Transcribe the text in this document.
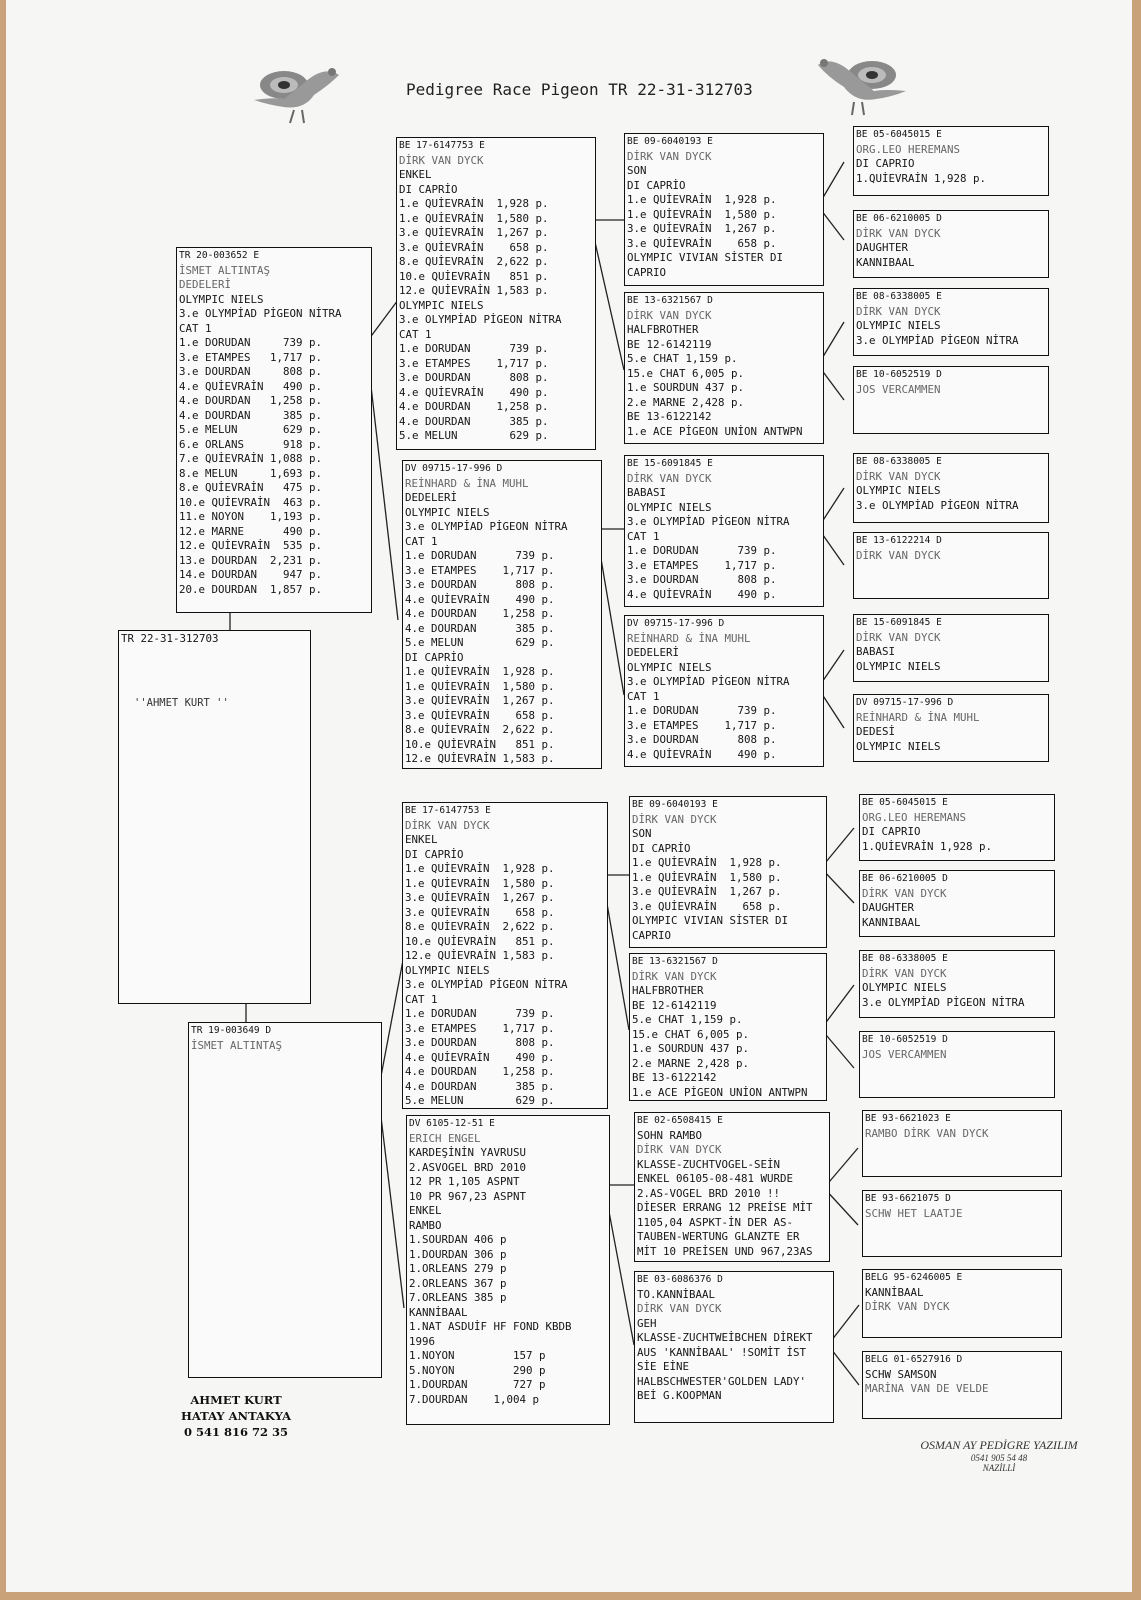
Pedigree Race Pigeon TR 22-31-312703
TR 22-31-312703
''AHMET KURT ''
TR 20-003652 E
İSMET ALTINTAŞ
DEDELERİ
OLYMPIC NIELS
3.e OLYMPİAD PİGEON NİTRA
CAT 1
1.e DORUDAN     739 p.
3.e ETAMPES   1,717 p.
3.e DOURDAN     808 p.
4.e QUİEVRAİN   490 p.
4.e DOURDAN   1,258 p.
4.e DOURDAN     385 p.
5.e MELUN       629 p.
6.e ORLANS      918 p.
7.e QUİEVRAİN 1,088 p.
8.e MELUN     1,693 p.
8.e QUİEVRAİN   475 p.
10.e QUİEVRAİN  463 p.
11.e NOYON    1,193 p.
12.e MARNE      490 p.
12.e QUİEVRAİN  535 p.
13.e DOURDAN  2,231 p.
14.e DOURDAN    947 p.
20.e DOURDAN  1,857 p.
TR 19-003649 D
İSMET ALTINTAŞ
BE 17-6147753 E
DİRK VAN DYCK
ENKEL
DI CAPRİO
1.e QUİEVRAİN  1,928 p.
1.e QUİEVRAİN  1,580 p.
3.e QUİEVRAİN  1,267 p.
3.e QUİEVRAİN    658 p.
8.e QUİEVRAİN  2,622 p.
10.e QUİEVRAİN   851 p.
12.e QUİEVRAİN 1,583 p.
OLYMPIC NIELS
3.e OLYMPİAD PİGEON NİTRA
CAT 1
1.e DORUDAN      739 p.
3.e ETAMPES    1,717 p.
3.e DOURDAN      808 p.
4.e QUİEVRAİN    490 p.
4.e DOURDAN    1,258 p.
4.e DOURDAN      385 p.
5.e MELUN        629 p.
DV 09715-17-996 D
REİNHARD & İNA MUHL
DEDELERİ
OLYMPIC NIELS
3.e OLYMPİAD PİGEON NİTRA
CAT 1
1.e DORUDAN      739 p.
3.e ETAMPES    1,717 p.
3.e DOURDAN      808 p.
4.e QUİEVRAİN    490 p.
4.e DOURDAN    1,258 p.
4.e DOURDAN      385 p.
5.e MELUN        629 p.
DI CAPRİO
1.e QUİEVRAİN  1,928 p.
1.e QUİEVRAİN  1,580 p.
3.e QUİEVRAİN  1,267 p.
3.e QUİEVRAİN    658 p.
8.e QUİEVRAİN  2,622 p.
10.e QUİEVRAİN   851 p.
12.e QUİEVRAİN 1,583 p.
BE 17-6147753 E
DİRK VAN DYCK
ENKEL
DI CAPRİO
1.e QUİEVRAİN  1,928 p.
1.e QUİEVRAİN  1,580 p.
3.e QUİEVRAİN  1,267 p.
3.e QUİEVRAİN    658 p.
8.e QUİEVRAİN  2,622 p.
10.e QUİEVRAİN   851 p.
12.e QUİEVRAİN 1,583 p.
OLYMPIC NIELS
3.e OLYMPİAD PİGEON NİTRA
CAT 1
1.e DORUDAN      739 p.
3.e ETAMPES    1,717 p.
3.e DOURDAN      808 p.
4.e QUİEVRAİN    490 p.
4.e DOURDAN    1,258 p.
4.e DOURDAN      385 p.
5.e MELUN        629 p.
DV 6105-12-51 E
ERICH ENGEL
KARDEŞİNİN YAVRUSU
2.ASVOGEL BRD 2010
12 PR 1,105 ASPNT
10 PR 967,23 ASPNT
ENKEL
RAMBO
1.SOURDAN 406 p
1.DOURDAN 306 p
1.ORLEANS 279 p
2.ORLEANS 367 p
7.ORLEANS 385 p
KANNİBAAL
1.NAT ASDUİF HF FOND KBDB
1996
1.NOYON         157 p
5.NOYON         290 p
1.DOURDAN       727 p
7.DOURDAN    1,004 p
BE 09-6040193 E
DİRK VAN DYCK
SON
DI CAPRİO
1.e QUİEVRAİN  1,928 p.
1.e QUİEVRAİN  1,580 p.
3.e QUİEVRAİN  1,267 p.
3.e QUİEVRAİN    658 p.
OLYMPIC VIVIAN SİSTER DI
CAPRIO
BE 13-6321567 D
DİRK VAN DYCK
HALFBROTHER
BE 12-6142119
5.e CHAT 1,159 p.
15.e CHAT 6,005 p.
1.e SOURDUN 437 p.
2.e MARNE 2,428 p.
BE 13-6122142
1.e ACE PİGEON UNİON ANTWPN
BE 15-6091845 E
DİRK VAN DYCK
BABASI
OLYMPIC NIELS
3.e OLYMPİAD PİGEON NİTRA
CAT 1
1.e DORUDAN      739 p.
3.e ETAMPES    1,717 p.
3.e DOURDAN      808 p.
4.e QUİEVRAİN    490 p.
DV 09715-17-996 D
REİNHARD & İNA MUHL
DEDELERİ
OLYMPIC NIELS
3.e OLYMPİAD PİGEON NİTRA
CAT 1
1.e DORUDAN      739 p.
3.e ETAMPES    1,717 p.
3.e DOURDAN      808 p.
4.e QUİEVRAİN    490 p.
BE 09-6040193 E
DİRK VAN DYCK
SON
DI CAPRİO
1.e QUİEVRAİN  1,928 p.
1.e QUİEVRAİN  1,580 p.
3.e QUİEVRAİN  1,267 p.
3.e QUİEVRAİN    658 p.
OLYMPIC VIVIAN SİSTER DI
CAPRIO
BE 13-6321567 D
DİRK VAN DYCK
HALFBROTHER
BE 12-6142119
5.e CHAT 1,159 p.
15.e CHAT 6,005 p.
1.e SOURDUN 437 p.
2.e MARNE 2,428 p.
BE 13-6122142
1.e ACE PİGEON UNİON ANTWPN
BE 02-6508415 E
SOHN RAMBO
DİRK VAN DYCK
KLASSE-ZUCHTVOGEL-SEİN
ENKEL 06105-08-481 WURDE
2.AS-VOGEL BRD 2010 !!
DİESER ERRANG 12 PREİSE MİT
1105,04 ASPKT-İN DER AS-
TAUBEN-WERTUNG GLANZTE ER
MİT 10 PREİSEN UND 967,23AS
BE 03-6086376 D
TO.KANNİBAAL
DİRK VAN DYCK
GEH
KLASSE-ZUCHTWEİBCHEN DİREKT
AUS 'KANNİBAAL' !SOMİT İST
SİE EİNE
HALBSCHWESTER'GOLDEN LADY'
BEİ G.KOOPMAN
BE 05-6045015 E
ORG.LEO HEREMANS
DI CAPRIO
1.QUİEVRAİN 1,928 p.
BE 06-6210005 D
DİRK VAN DYCK
DAUGHTER
KANNIBAAL
BE 08-6338005 E
DİRK VAN DYCK
OLYMPIC NIELS
3.e OLYMPİAD PİGEON NİTRA
BE 10-6052519 D
JOS VERCAMMEN
BE 08-6338005 E
DİRK VAN DYCK
OLYMPIC NIELS
3.e OLYMPİAD PİGEON NİTRA
BE 13-6122214 D
DİRK VAN DYCK
BE 15-6091845 E
DİRK VAN DYCK
BABASI
OLYMPIC NIELS
DV 09715-17-996 D
REİNHARD & İNA MUHL
DEDESİ
OLYMPIC NIELS
BE 05-6045015 E
ORG.LEO HEREMANS
DI CAPRIO
1.QUİEVRAİN 1,928 p.
BE 06-6210005 D
DİRK VAN DYCK
DAUGHTER
KANNIBAAL
BE 08-6338005 E
DİRK VAN DYCK
OLYMPIC NIELS
3.e OLYMPİAD PİGEON NİTRA
BE 10-6052519 D
JOS VERCAMMEN
BE 93-6621023 E
RAMBO DİRK VAN DYCK
BE 93-6621075 D
SCHW HET LAATJE
BELG 95-6246005 E
KANNİBAAL
DİRK VAN DYCK
BELG 01-6527916 D
SCHW SAMSON
MARİNA VAN DE VELDE
AHMET KURT
HATAY ANTAKYA
0 541 816 72 35
OSMAN AY PEDİGRE YAZILIM
0541 905 54 48
NAZİLLİ
